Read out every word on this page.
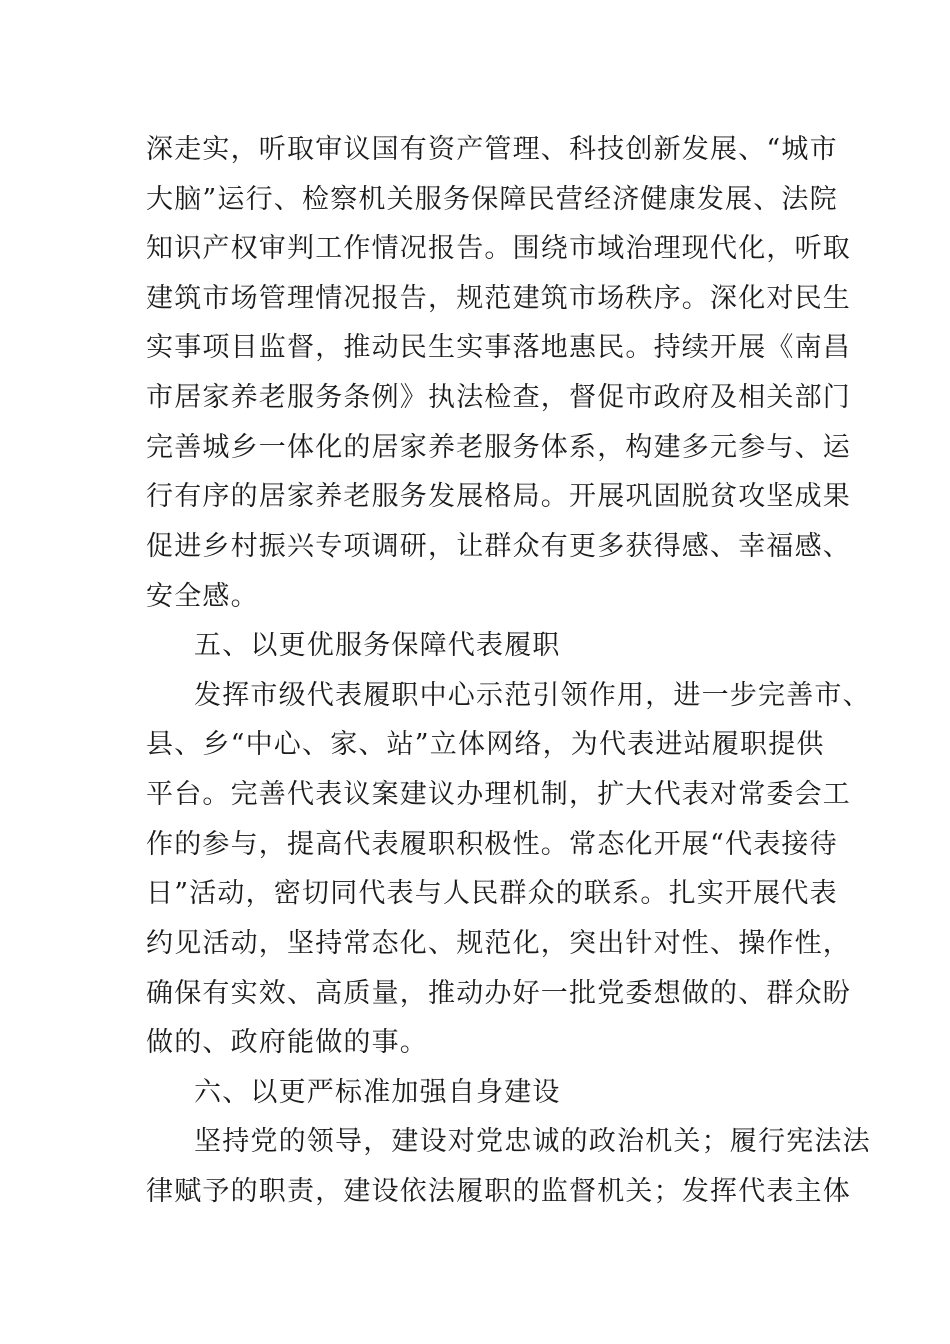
深走实，听取审议国有资产管理、科技创新发展、“城市
大脑”运行、检察机关服务保障民营经济健康发展、法院
知识产权审判工作情况报告。围绕市域治理现代化，听取
建筑市场管理情况报告，规范建筑市场秩序。深化对民生
实事项目监督，推动民生实事落地惠民。持续开展《南昌
市居家养老服务条例》执法检查，督促市政府及相关部门
完善城乡一体化的居家养老服务体系，构建多元参与、运
行有序的居家养老服务发展格局。开展巩固脱贫攻坚成果
促进乡村振兴专项调研，让群众有更多获得感、幸福感、
安全感。
五、以更优服务保障代表履职
发挥市级代表履职中心示范引领作用，进一步完善市、
县、乡“中心、家、站”立体网络，为代表进站履职提供
平台。完善代表议案建议办理机制，扩大代表对常委会工
作的参与，提高代表履职积极性。常态化开展“代表接待
日”活动，密切同代表与人民群众的联系。扎实开展代表
约见活动，坚持常态化、规范化，突出针对性、操作性，
确保有实效、高质量，推动办好一批党委想做的、群众盼
做的、政府能做的事。
六、以更严标准加强自身建设
坚持党的领导，建设对党忠诚的政治机关；履行宪法法
律赋予的职责，建设依法履职的监督机关；发挥代表主体
